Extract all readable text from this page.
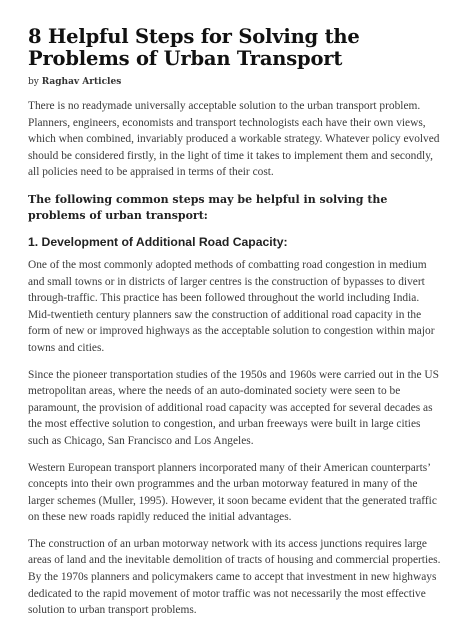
8 Helpful Steps for Solving the Problems of Urban Transport
by Raghav Articles

There is no readymade universally acceptable solution to the urban transport problem. Planners, engineers, economists and transport technologists each have their own views, which when combined, invariably produced a workable strategy. Whatever policy evolved should be considered firstly, in the light of time it takes to implement them and secondly, all policies need to be appraised in terms of their cost.

The following common steps may be helpful in solving the problems of urban transport:
1. Development of Additional Road Capacity:

One of the most commonly adopted methods of combatting road congestion in medium and small towns or in districts of larger centres is the construction of bypasses to divert through-traffic. This practice has been followed throughout the world including India. Mid-twentieth century planners saw the construction of additional road capacity in the form of new or improved highways as the acceptable solution to congestion within major towns and cities.

Since the pioneer transportation studies of the 1950s and 1960s were carried out in the US metropolitan areas, where the needs of an auto-dominated society were seen to be paramount, the provision of additional road capacity was accepted for several decades as the most effective solution to congestion, and urban freeways were built in large cities such as Chicago, San Francisco and Los Angeles.

Western European transport planners incorporated many of their American counterparts’ concepts into their own programmes and the urban motorway featured in many of the larger schemes (Muller, 1995). However, it soon became evident that the generated traffic on these new roads rapidly reduced the initial advantages.

The construction of an urban motorway network with its access junctions requires large areas of land and the inevitable demolition of tracts of housing and commercial properties. By the 1970s planners and policymakers came to accept that investment in new highways dedicated to the rapid movement of motor traffic was not necessarily the most effective solution to urban transport problems.
